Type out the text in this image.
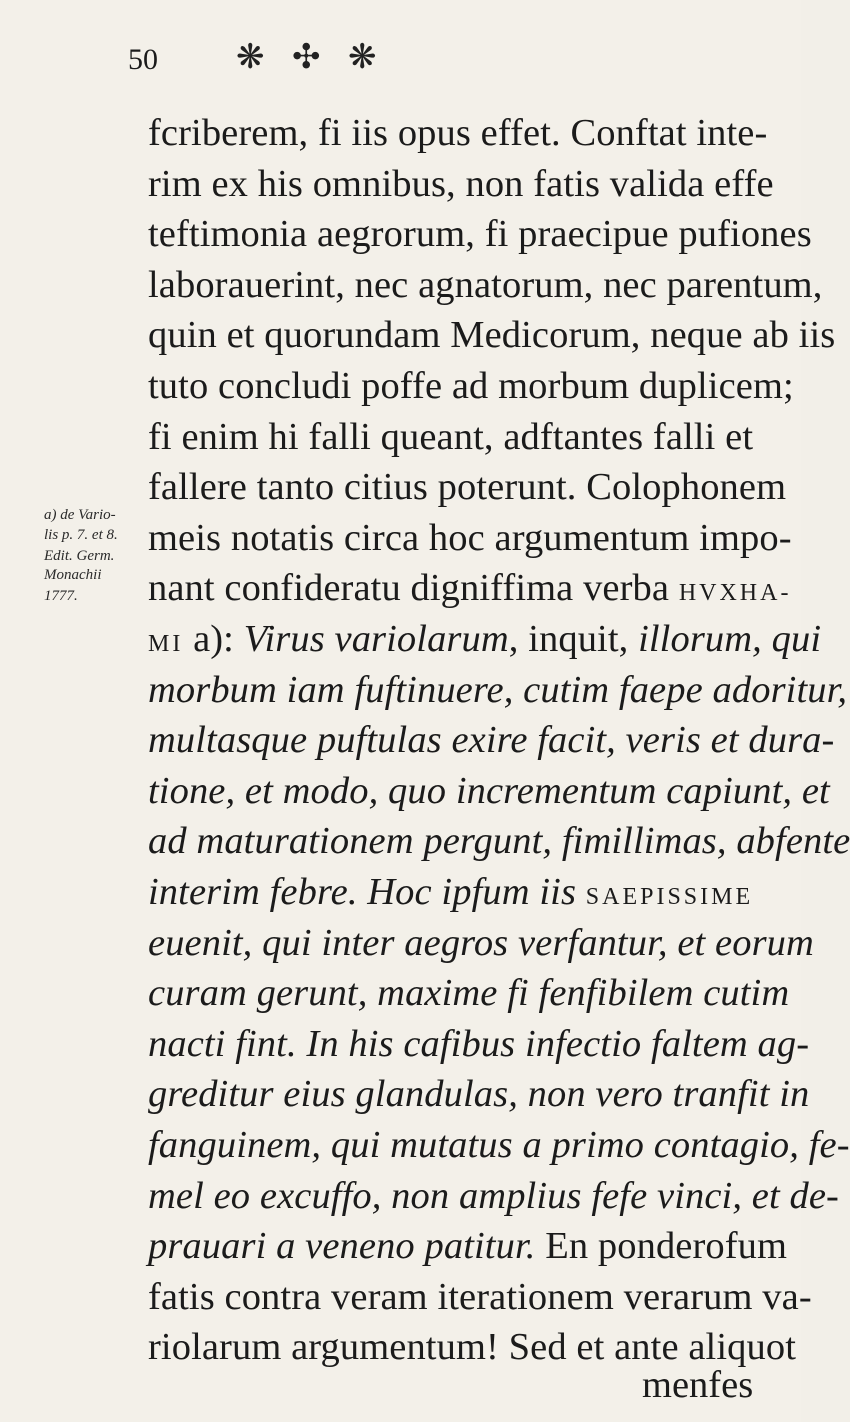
50 ❋ ✣ ❋
fcriberem, fi iis opus effet. Conftat inte-
rim ex his omnibus, non fatis valida effe
teftimonia aegrorum, fi praecipue pufiones
laborauerint, nec agnatorum, nec parentum,
quin et quorundam Medicorum, neque ab iis
tuto concludi poffe ad morbum duplicem;
fi enim hi falli queant, adftantes falli et
fallere tanto citius poterunt. Colophonem
meis notatis circa hoc argumentum impo-
nant confideratu digniffima verba HVXHA-
MI a): Virus variolarum, inquit, illorum, qui
morbum iam fuftinuere, cutim faepe adoritur,
multasque puftulas exire facit, veris et dura-
tione, et modo, quo incrementum capiunt, et
ad maturationem pergunt, fimillimas, abfente
interim febre. Hoc ipfum iis SAEPISSIME
euenit, qui inter aegros verfantur, et eorum
curam gerunt, maxime fi fenfibilem cutim
nacti fint. In his cafibus infectio faltem ag-
greditur eius glandulas, non vero tranfit in
fanguinem, qui mutatus a primo contagio, fe-
mel eo excuffo, non amplius fefe vinci, et de-
prauari a veneno patitur. En ponderofum
fatis contra veram iterationem verarum va-
riolarum argumentum! Sed et ante aliquot
a) de Vario-
lis p. 7. et 8.
Edit. Germ.
Monachii
1777.
menfes
